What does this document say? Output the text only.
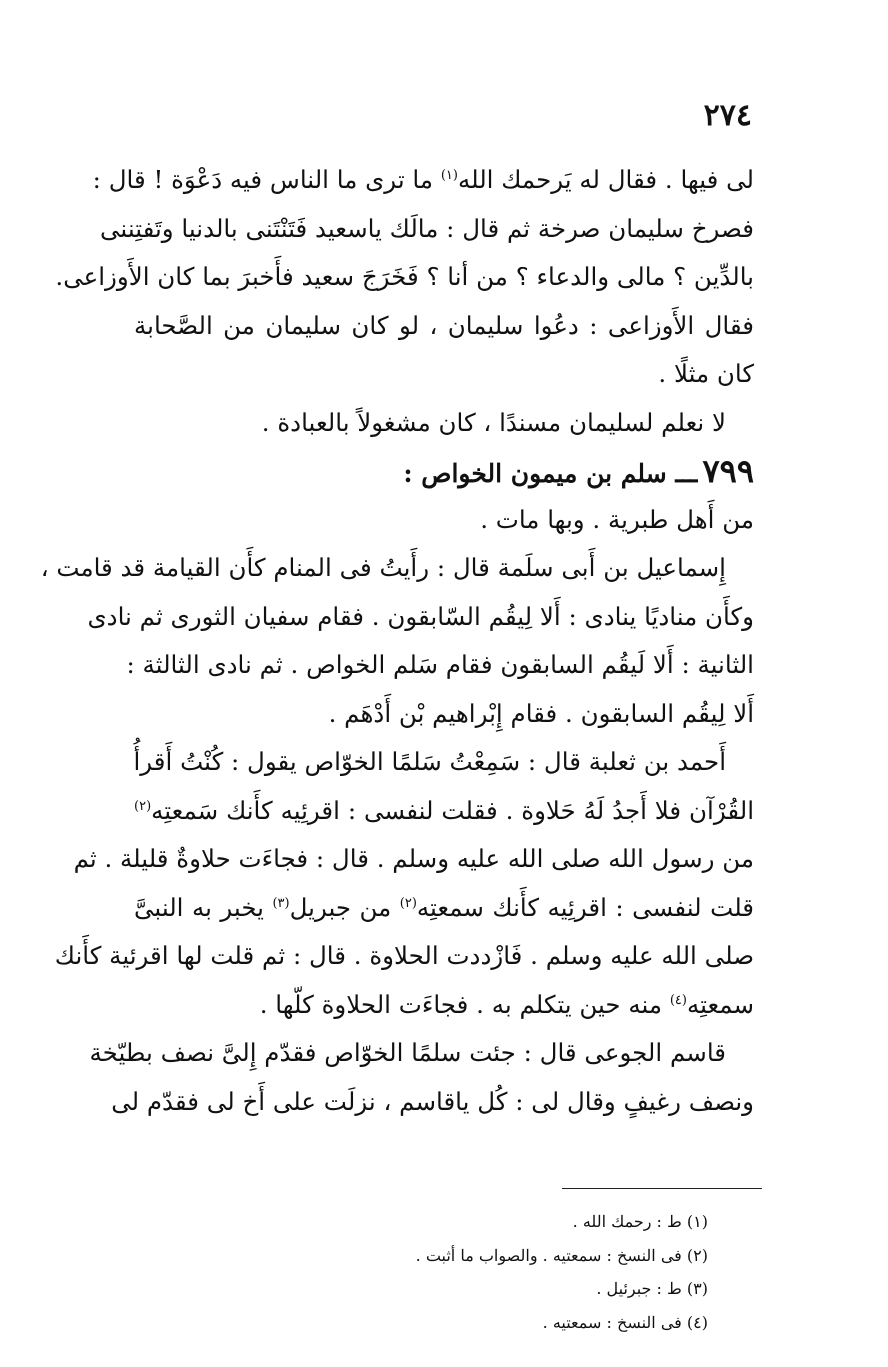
٢٧٤
لى فيها . فقال له يَرحمك الله$^{(١)}$ ما ترى ما الناس فيه دَعْوَة ! قال :
فصرخ سليمان صرخة ثم قال : مالَك ياسعيد فَتَنْتَنى بالدنيا وتَفتِننى
بالدِّين ؟ مالى والدعاء ؟ من أنا ؟ فَخَرَجَ سعيد فأَخبرَ بما كان الأَوزاعى.
فقال الأَوزاعى : دعُوا سليمان ، لو كان سليمان من الصَّحابة
كان مثلًا .
لا نعلم لسليمان مسندًا ، كان مشغولاً بالعبادة .
٧٩٩ ـــ سلم بن ميمون الخواص :
من أَهل طبرية . وبها مات .
إِسماعيل بن أَبى سلَمة قال : رأَيتُ فى المنام كأَن القيامة قد قامت ،
وكأَن مناديًا ينادى : أَلا لِيقُم السّابقون . فقام سفيان الثورى ثم نادى
الثانية : أَلا لَيقُم السابقون فقام سَلم الخواص . ثم نادى الثالثة :
أَلا لِيقُم السابقون . فقام إِبْراهيم بْن أَدْهَم .
أَحمد بن ثعلبة قال : سَمِعْتُ سَلمًا الخوّاص يقول : كُنْتُ أَقرأُ
القُرْآن فلا أَجدُ لَهُ حَلاوة . فقلت لنفسى : اقرئِيه كأَنك سَمعتِه$^{(٢)}$
من رسول الله صلى الله عليه وسلم . قال : فجاءَت حلاوةٌ قليلة . ثم
قلت لنفسى : اقرئِيه كأَنك سمعتِه$^{(٢)}$ من جبريل$^{(٣)}$ يخبر به النبىَّ
صلى الله عليه وسلم . فَازْددت الحلاوة . قال : ثم قلت لها اقرئية كأَنك
سمعتِه$^{(٤)}$ منه حين يتكلم به . فجاءَت الحلاوة كلّها .
قاسم الجوعى قال : جئت سلمًا الخوّاص فقدّم إِلىَّ نصف بطيّخة
ونصف رغيفٍ وقال لى : كُل ياقاسم ، نزلَت على أَخ لى فقدّم لى
(١) ط : رحمك الله .
(٢) فى النسخ : سمعتيه . والصواب ما أثبت .
(٣) ط : جبرئيل .
(٤) فى النسخ : سمعتيه .
